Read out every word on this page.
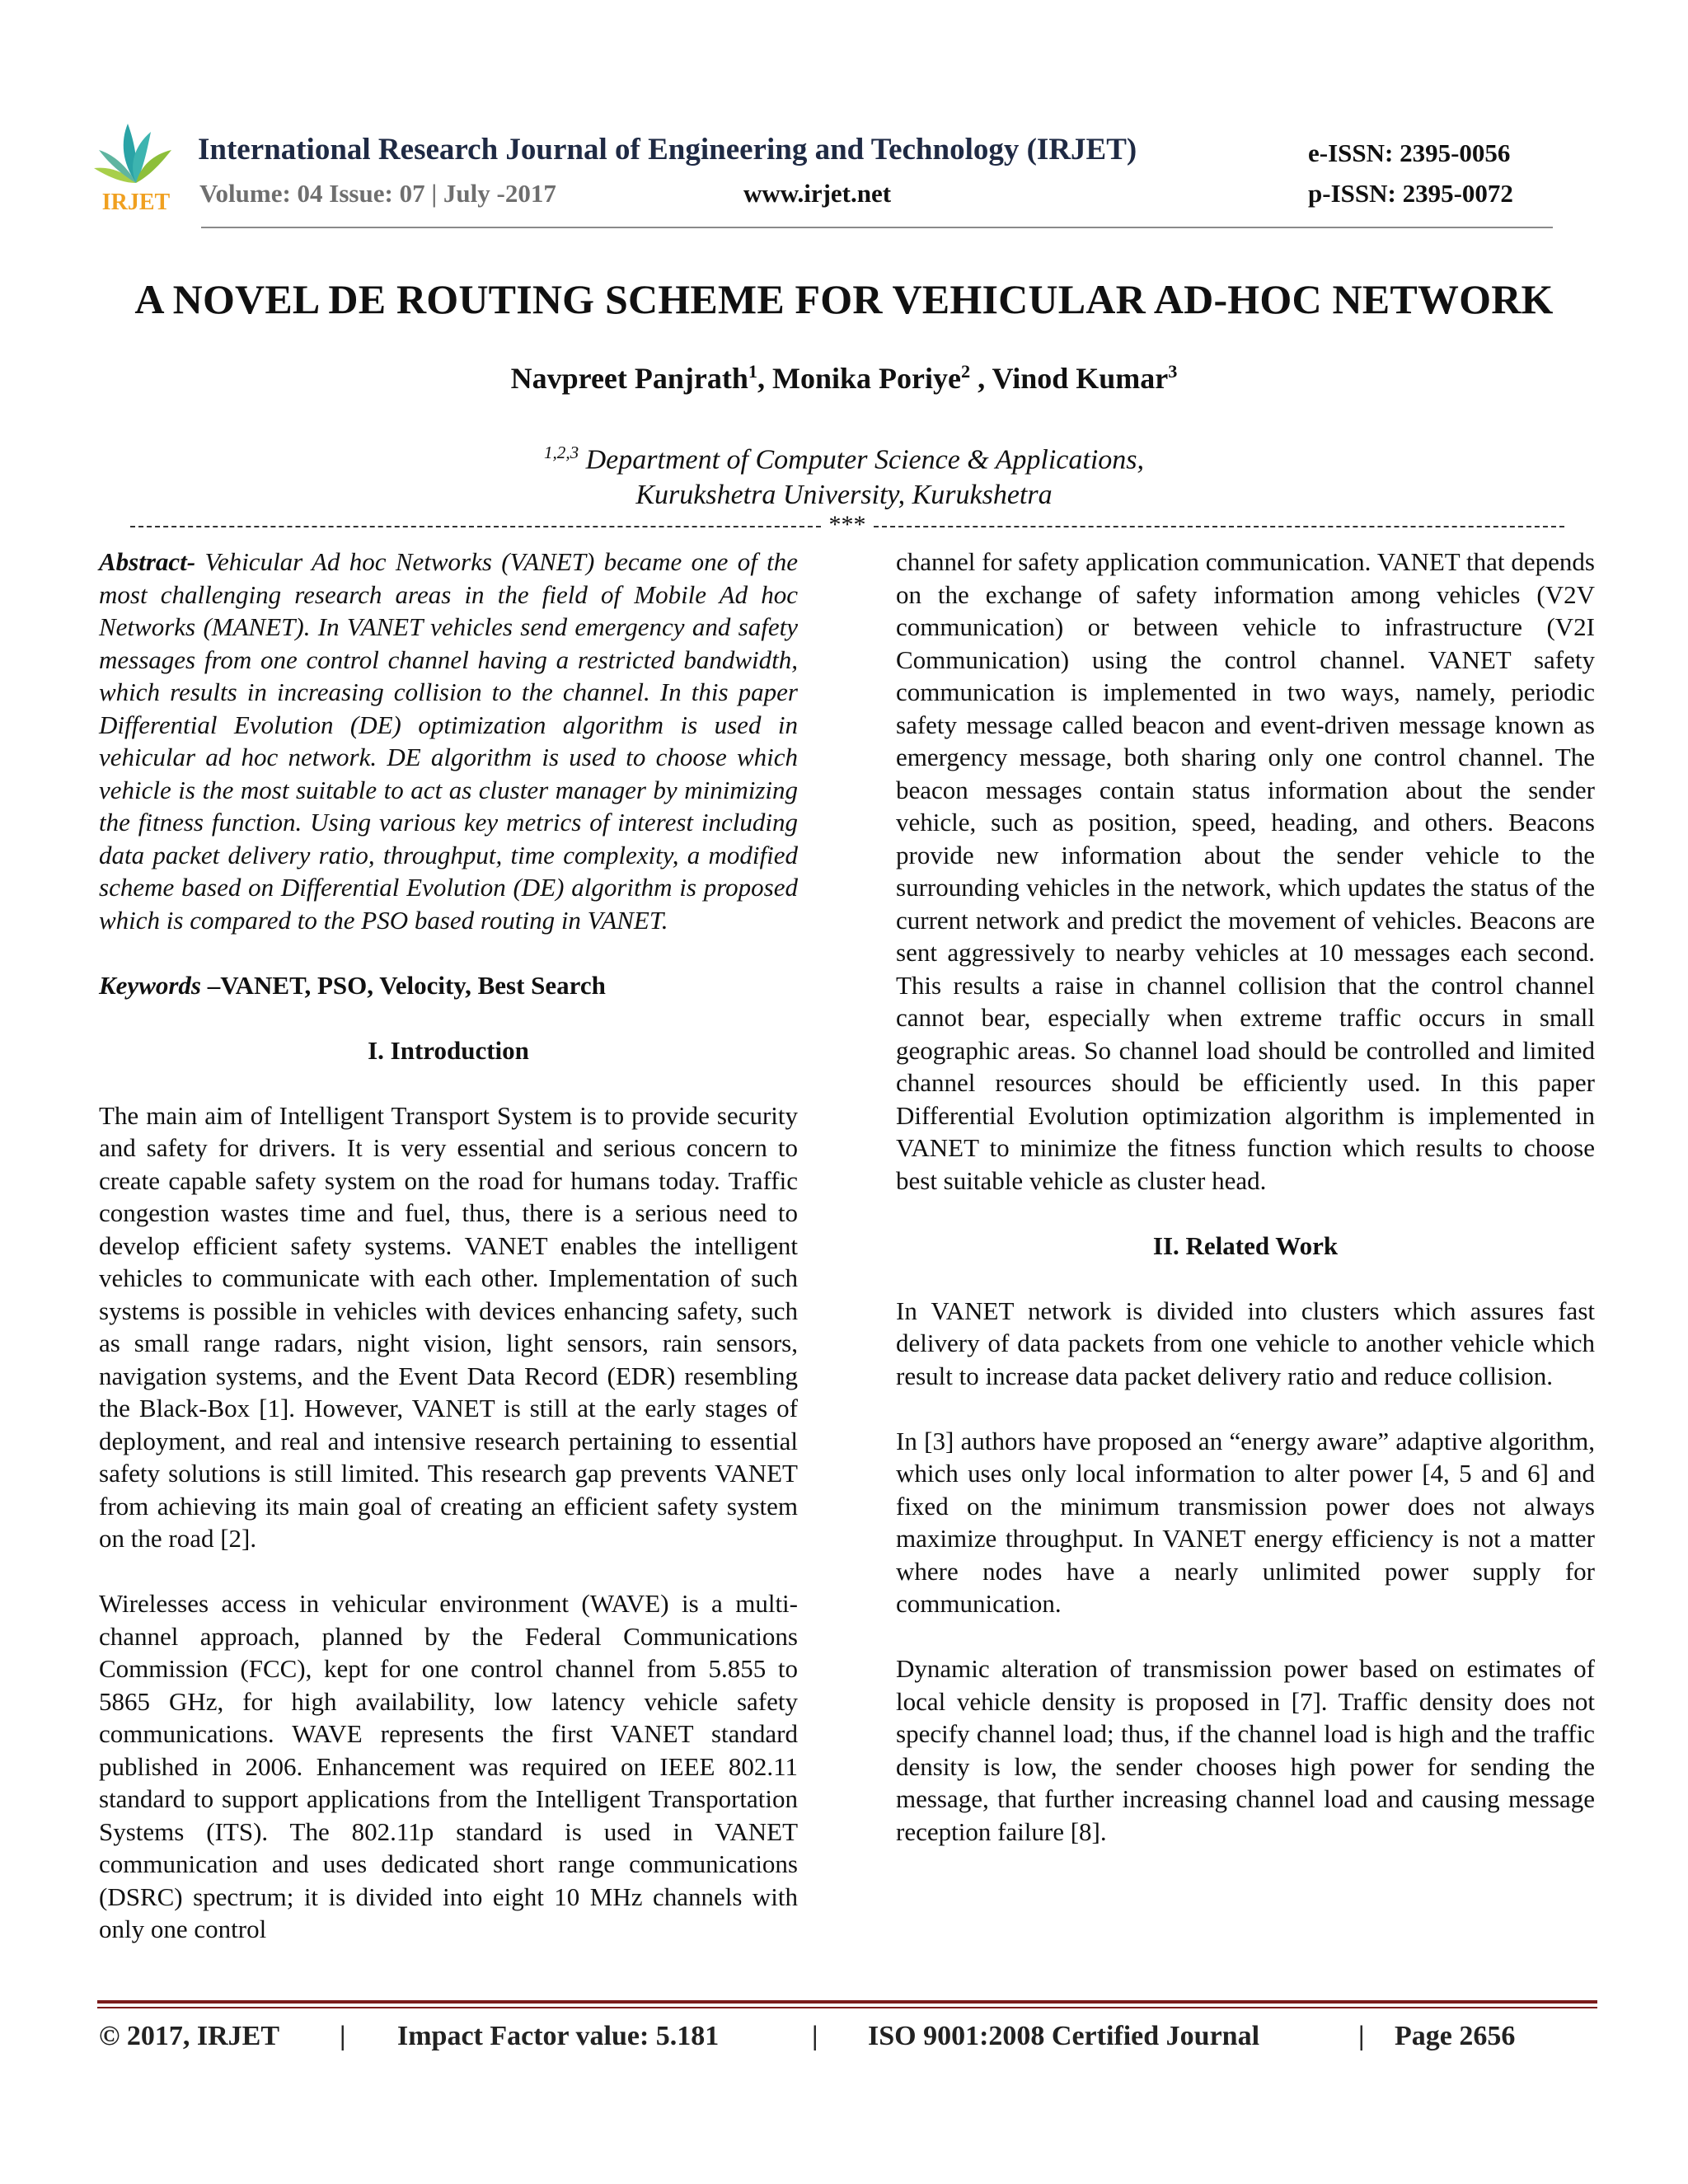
IRJET
International Research Journal of Engineering and Technology (IRJET)	e-ISSN: 2395-0056
Volume: 04 Issue: 07 | July -2017	www.irjet.net	p-ISSN: 2395-0072
A NOVEL DE ROUTING SCHEME FOR VEHICULAR AD-HOC NETWORK
Navpreet Panjrath$^1$, Monika Poriye$^2$ , Vinod Kumar$^3$
$^{1,2,3}$ Department of Computer Science & Applications,
Kurukshetra University, Kurukshetra
***

Abstract- Vehicular Ad hoc Networks (VANET) became one of the most challenging research areas in the field of Mobile Ad hoc Networks (MANET). In VANET vehicles send emergency and safety messages from one control channel having a restricted bandwidth, which results in increasing collision to the channel. In this paper Differential Evolution (DE) optimization algorithm is used in vehicular ad hoc network. DE algorithm is used to choose which vehicle is the most suitable to act as cluster manager by minimizing the fitness function. Using various key metrics of interest including data packet delivery ratio, throughput, time complexity, a modified scheme based on Differential Evolution (DE) algorithm is proposed which is compared to the PSO based routing in VANET.

Keywords –VANET, PSO, Velocity, Best Search

I. Introduction

The main aim of Intelligent Transport System is to provide security and safety for drivers. It is very essential and serious concern to create capable safety system on the road for humans today. Traffic congestion wastes time and fuel, thus, there is a serious need to develop efficient safety systems. VANET enables the intelligent vehicles to communicate with each other. Implementation of such systems is possible in vehicles with devices enhancing safety, such as small range radars, night vision, light sensors, rain sensors, navigation systems, and the Event Data Record (EDR) resembling the Black-Box [1]. However, VANET is still at the early stages of deployment, and real and intensive research pertaining to essential safety solutions is still limited. This research gap prevents VANET from achieving its main goal of creating an efficient safety system on the road [2].

Wirelesses access in vehicular environment (WAVE) is a multi-channel approach, planned by the Federal Communications Commission (FCC), kept for one control channel from 5.855 to 5865 GHz, for high availability, low latency vehicle safety communications. WAVE represents the first VANET standard published in 2006. Enhancement was required on IEEE 802.11 standard to support applications from the Intelligent Transportation Systems (ITS). The 802.11p standard is used in VANET communication and uses dedicated short range communications (DSRC) spectrum; it is divided into eight 10 MHz channels with only one control

channel for safety application communication. VANET that depends on the exchange of safety information among vehicles (V2V communication) or between vehicle to infrastructure (V2I Communication) using the control channel. VANET safety communication is implemented in two ways, namely, periodic safety message called beacon and event-driven message known as emergency message, both sharing only one control channel. The beacon messages contain status information about the sender vehicle, such as position, speed, heading, and others. Beacons provide new information about the sender vehicle to the surrounding vehicles in the network, which updates the status of the current network and predict the movement of vehicles. Beacons are sent aggressively to nearby vehicles at 10 messages each second. This results a raise in channel collision that the control channel cannot bear, especially when extreme traffic occurs in small geographic areas. So channel load should be controlled and limited channel resources should be efficiently used. In this paper Differential Evolution optimization algorithm is implemented in VANET to minimize the fitness function which results to choose best suitable vehicle as cluster head.

II. Related Work

In VANET network is divided into clusters which assures fast delivery of data packets from one vehicle to another vehicle which result to increase data packet delivery ratio and reduce collision.

In [3] authors have proposed an “energy aware” adaptive algorithm, which uses only local information to alter power [4, 5 and 6] and fixed on the minimum transmission power does not always maximize throughput. In VANET energy efficiency is not a matter where nodes have a nearly unlimited power supply for communication.

Dynamic alteration of transmission power based on estimates of local vehicle density is proposed in [7]. Traffic density does not specify channel load; thus, if the channel load is high and the traffic density is low, the sender chooses high power for sending the message, that further increasing channel load and causing message reception failure [8].

© 2017, IRJET | Impact Factor value: 5.181	| ISO 9001:2008 Certified Journal	| Page 2656
